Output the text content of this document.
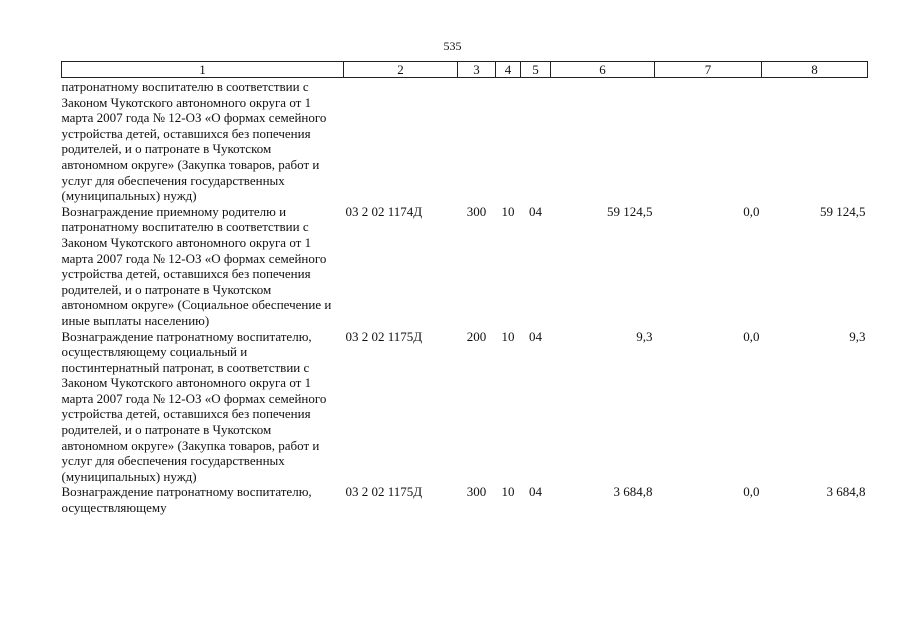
535
1	2	3	4	5	6	7	8
патронатному воспитателю в соответствии с Законом Чукотского автономного округа от 1 марта 2007 года № 12-ОЗ «О формах семейного устройства детей, оставшихся без попечения родителей, и о патронате в Чукотском автономном округе» (Закупка товаров, работ и услуг для обеспечения государственных (муниципальных) нужд)							
Вознаграждение приемному родителю и патронатному воспитателю в соответствии с Законом Чукотского автономного округа от 1 марта 2007 года № 12-ОЗ «О формах семейного устройства детей, оставшихся без попечения родителей, и о патронате в Чукотском автономном округе» (Социальное обеспечение и иные выплаты населению)	03 2 02 1174Д	300	10	04	59 124,5	0,0	59 124,5
Вознаграждение патронатному воспитателю, осуществляющему социальный и постинтернатный патронат, в соответствии с Законом Чукотского автономного округа от 1 марта 2007 года № 12-ОЗ «О формах семейного устройства детей, оставшихся без попечения родителей, и о патронате в Чукотском автономном округе» (Закупка товаров, работ и услуг для обеспечения государственных (муниципальных) нужд)	03 2 02 1175Д	200	10	04	9,3	0,0	9,3
Вознаграждение патронатному воспитателю, осуществляющему	03 2 02 1175Д	300	10	04	3 684,8	0,0	3 684,8
